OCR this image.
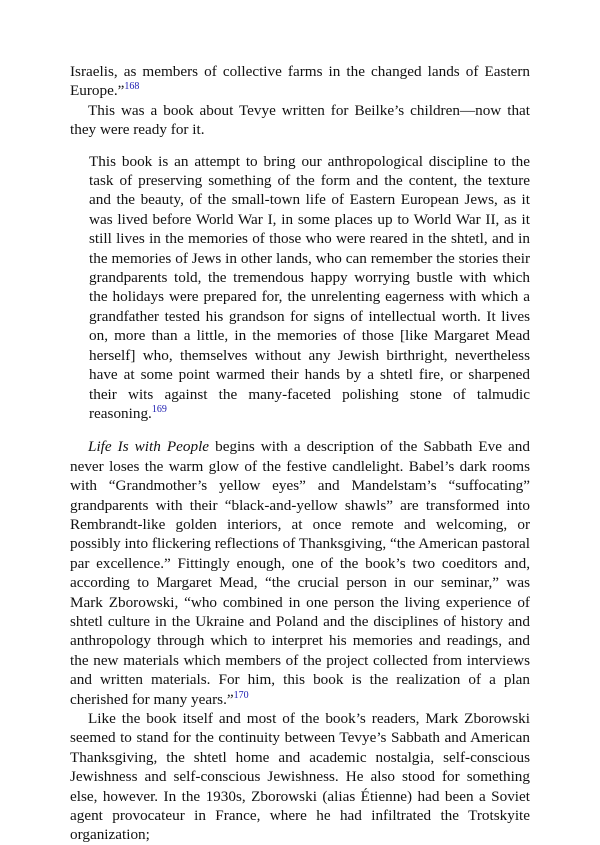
Israelis, as members of collective farms in the changed lands of Eastern Europe.”$^{168}$

This was a book about Tevye written for Beilke’s children—now that they were ready for it.

This book is an attempt to bring our anthropological discipline to the task of preserving something of the form and the content, the texture and the beauty, of the small-town life of Eastern European Jews, as it was lived before World War I, in some places up to World War II, as it still lives in the memories of those who were reared in the shtetl, and in the memories of Jews in other lands, who can remember the stories their grandparents told, the tremendous happy worrying bustle with which the holidays were prepared for, the unrelenting eagerness with which a grandfather tested his grandson for signs of intellectual worth. It lives on, more than a little, in the memories of those [like Margaret Mead herself] who, themselves without any Jewish birthright, nevertheless have at some point warmed their hands by a shtetl fire, or sharpened their wits against the many-faceted polishing stone of talmudic reasoning.$^{169}$

Life Is with People begins with a description of the Sabbath Eve and never loses the warm glow of the festive candlelight. Babel’s dark rooms with “Grandmother’s yellow eyes” and Mandelstam’s “suffocating” grandparents with their “black-and-yellow shawls” are transformed into Rembrandt-like golden interiors, at once remote and welcoming, or possibly into flickering reflections of Thanksgiving, “the American pastoral par excellence.” Fittingly enough, one of the book’s two coeditors and, according to Margaret Mead, “the crucial person in our seminar,” was Mark Zborowski, “who combined in one person the living experience of shtetl culture in the Ukraine and Poland and the disciplines of history and anthropology through which to interpret his memories and readings, and the new materials which members of the project collected from interviews and written materials. For him, this book is the realization of a plan cherished for many years.”$^{170}$

Like the book itself and most of the book’s readers, Mark Zborowski seemed to stand for the continuity between Tevye’s Sabbath and American Thanksgiving, the shtetl home and academic nostalgia, self-conscious Jewishness and self-conscious Jewishness. He also stood for something else, however. In the 1930s, Zborowski (alias Étienne) had been a Soviet agent provocateur in France, where he had infiltrated the Trotskyite organization;
